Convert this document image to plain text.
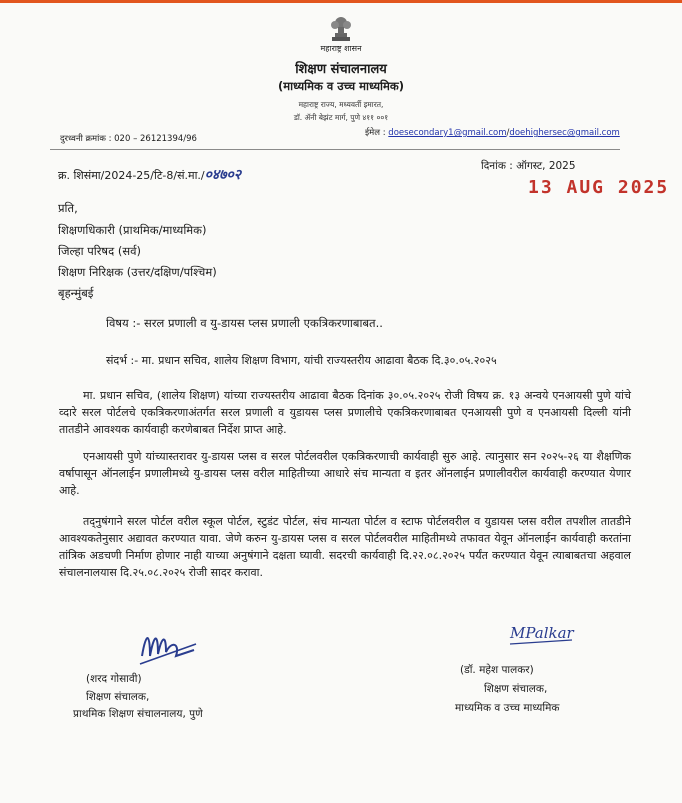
महाराष्ट्र शासन
शिक्षण संचालनालय
(माध्यमिक व उच्च माध्यमिक)
महाराष्ट्र राज्य, मध्यवर्ती इमारत,
डॉ. ॲनी बेझंट मार्ग, पुणे ४११ ००१
दुरध्वनी क्रमांक : 020 – 26121394/96
ईमेल : doesecondary1@gmail.com/doehighersec@gmail.com
क्र. शिसंमा/2024-25/टि-8/सं.मा./०४७०२
दिनांक : ऑगस्ट, 2025
13 AUG 2025
प्रति,
शिक्षणधिकारी (प्राथमिक/माध्यमिक)
जिल्हा परिषद (सर्व)
शिक्षण निरिक्षक (उत्तर/दक्षिण/पश्चिम)
बृहन्मुंबई
विषय :- सरल प्रणाली व यु-डायस प्लस प्रणाली एकत्रिकरणाबाबत..
संदर्भ :- मा. प्रधान सचिव, शालेय शिक्षण विभाग, यांची राज्यस्तरीय आढावा बैठक दि.३०.०५.२०२५

मा. प्रधान सचिव, (शालेय शिक्षण) यांच्या राज्यस्तरीय आढावा बैठक दिनांक ३०.०५.२०२५ रोजी विषय क्र. १३ अन्वये एनआयसी पुणे यांचे व्दारे सरल पोर्टलचे एकत्रिकरणाअंतर्गत सरल प्रणाली व युडायस प्लस प्रणालीचे एकत्रिकरणाबाबत एनआयसी पुणे व एनआयसी दिल्ली यांनी तातडीने आवश्यक कार्यवाही करणेबाबत निर्देश प्राप्त आहे.

एनआयसी पुणे यांच्यास्तरावर यु-डायस प्लस व सरल पोर्टलवरील एकत्रिकरणाची कार्यवाही सुरु आहे. त्यानुसार सन २०२५-२६ या शैक्षणिक वर्षापासून ऑनलाईन प्रणालीमध्ये यु-डायस प्लस वरील माहितीच्या आधारे संच मान्यता व इतर ऑनलाईन प्रणालीवरील कार्यवाही करण्यात येणार आहे.

तद्नुषंगाने सरल पोर्टल वरील स्कूल पोर्टल, स्टुडंट पोर्टल, संच मान्यता पोर्टल व स्टाफ पोर्टलवरील व युडायस प्लस वरील तपशील तातडीने आवश्यकतेनुसार अद्यावत करण्यात यावा. जेणे करुन यु-डायस प्लस व सरल पोर्टलवरील माहितीमध्ये तफावत येवून ऑनलाईन कार्यवाही करतांना तांत्रिक अडचणी निर्माण होणार नाही याच्या अनुषंगाने दक्षता घ्यावी. सदरची कार्यवाही दि.२२.०८.२०२५ पर्यंत करण्यात येवून त्याबाबतचा अहवाल संचालनालयास दि.२५.०८.२०२५ रोजी सादर करावा.

MPalkar
(शरद गोसावी)
शिक्षण संचालक,
प्राथमिक शिक्षण संचालनालय, पुणे
(डॉ. महेश पालकर)
शिक्षण संचालक,
माध्यमिक व उच्च माध्यमिक
